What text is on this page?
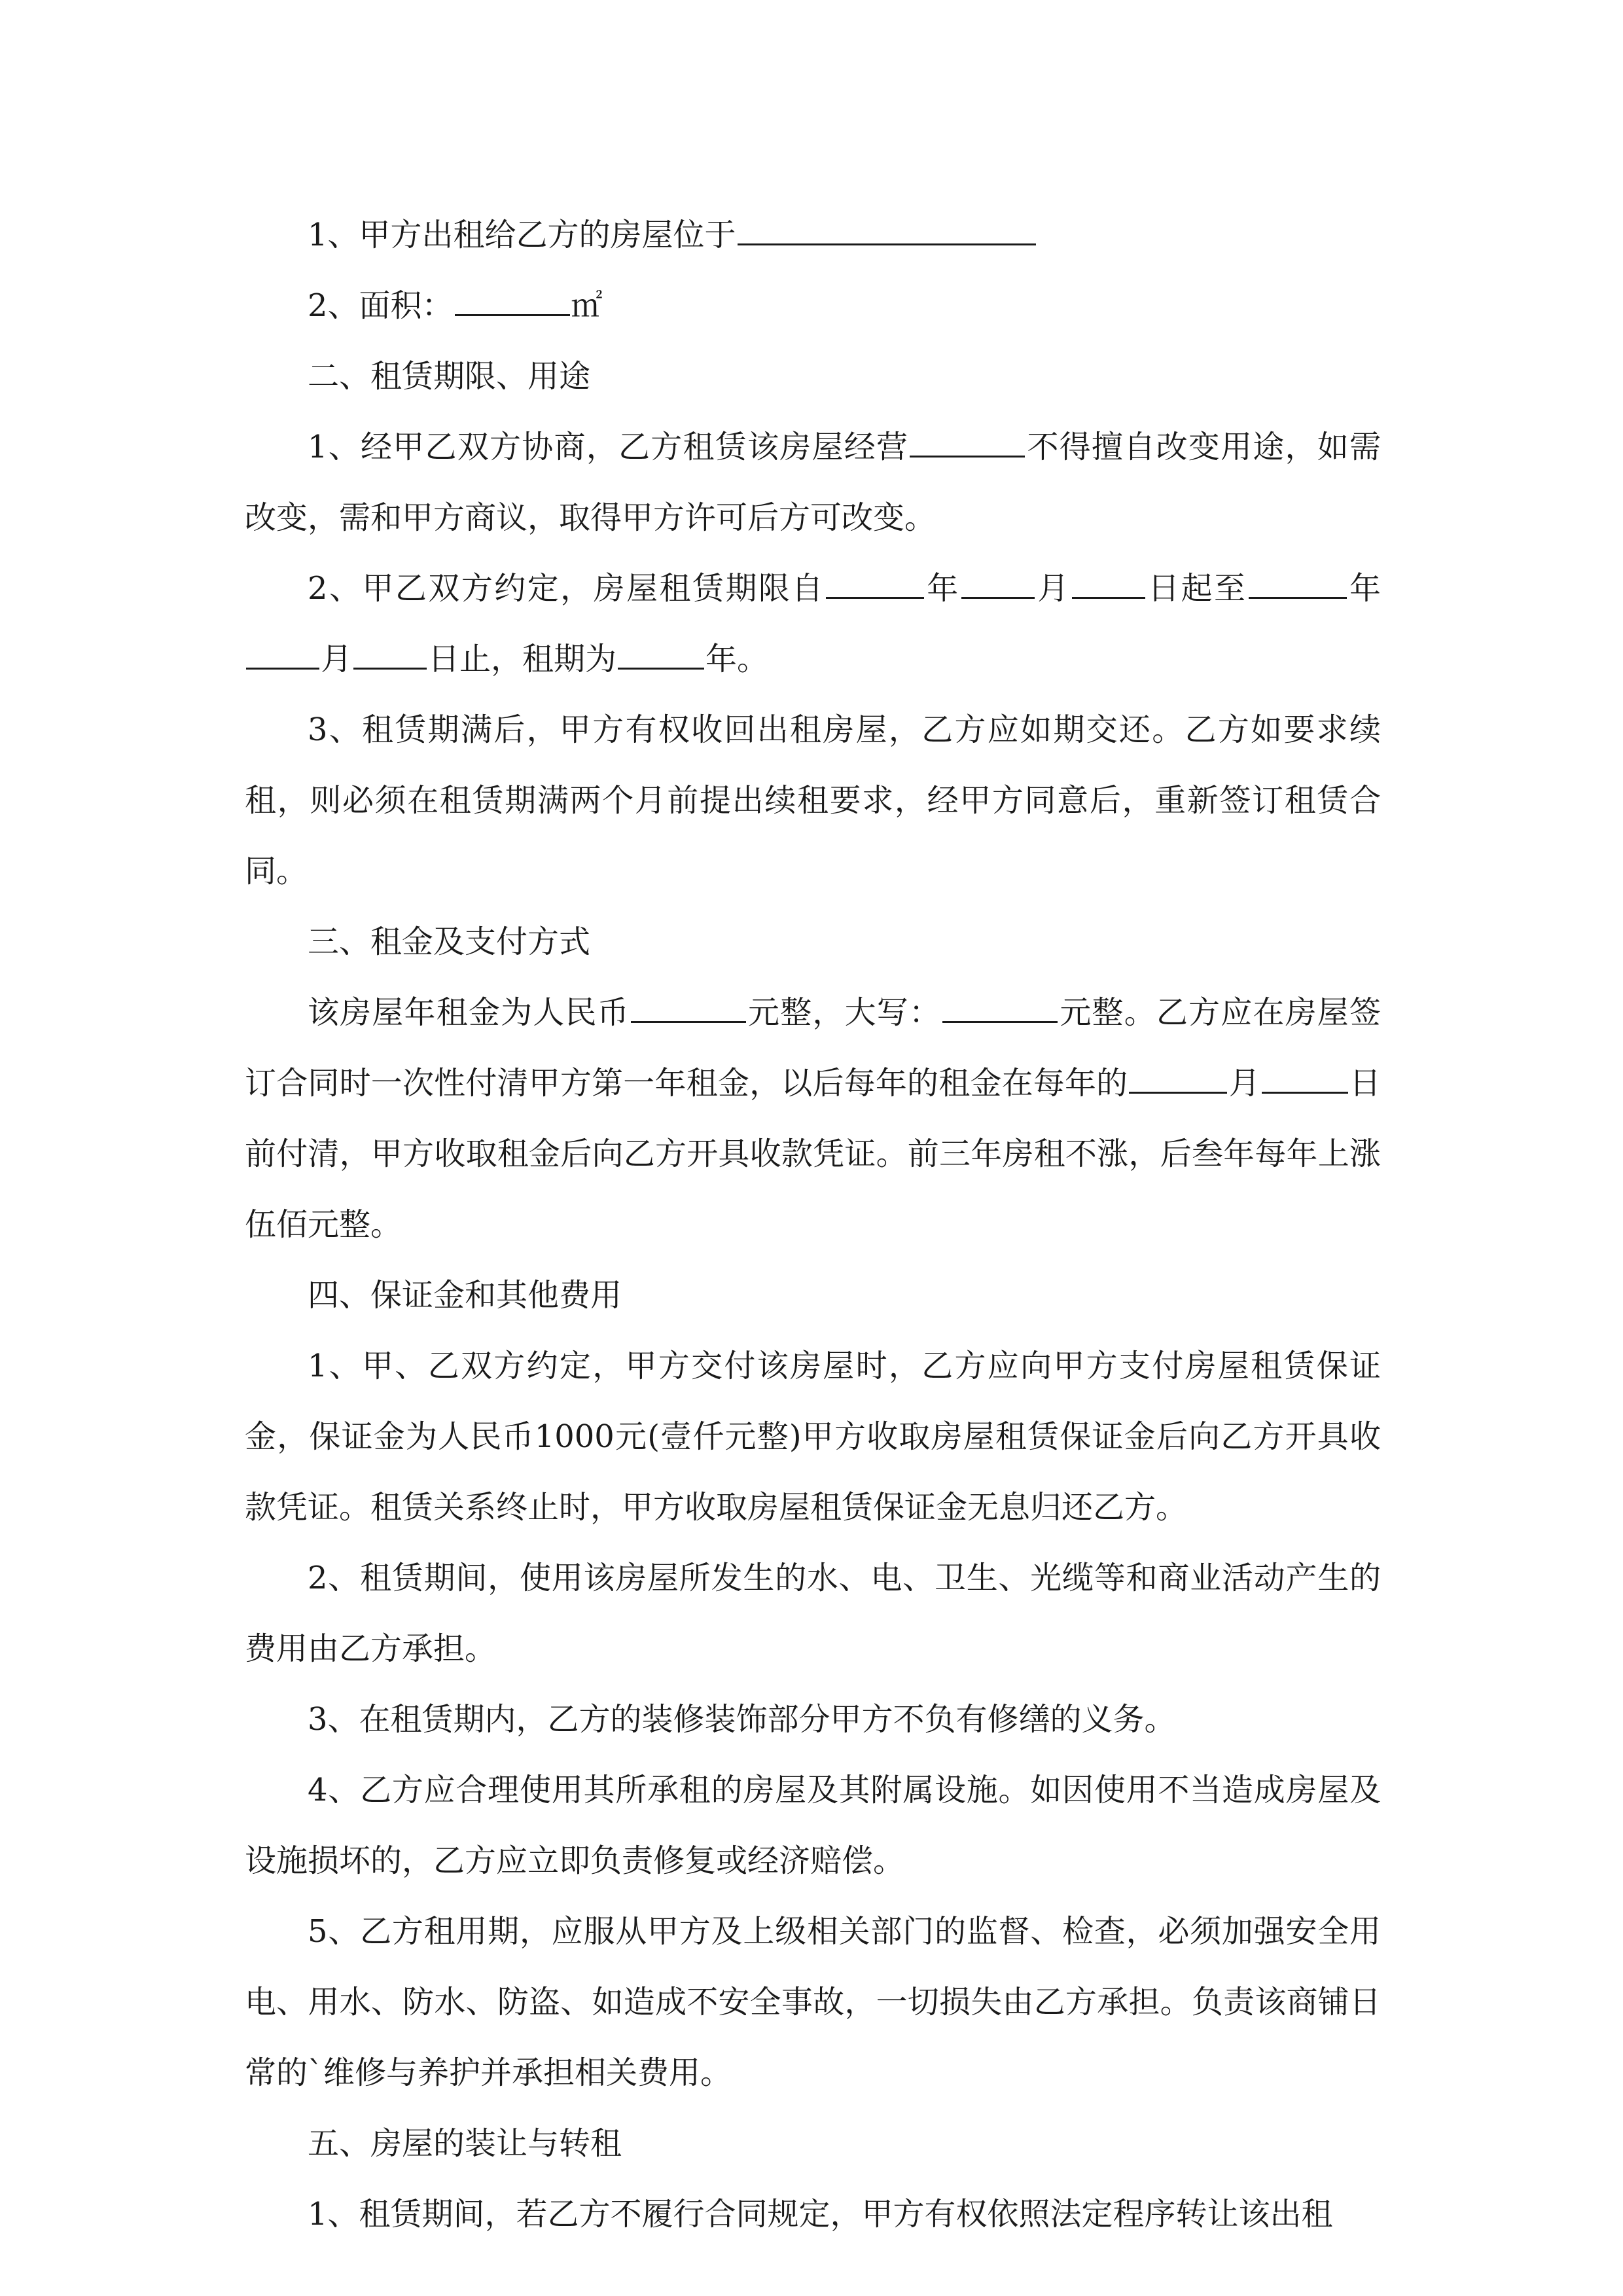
1、甲方出租给乙方的房屋位于

2、面积：	㎡

二、租赁期限、用途

1、经甲乙双方协商，乙方租赁该房屋经营	不得擅自改变用途，如需改变，需和甲方商议，取得甲方许可后方可改变。

2、甲乙双方约定，房屋租赁期限自	年 月 日起至	年月 日止，租期为	年。

3、租赁期满后，甲方有权收回出租房屋，乙方应如期交还。乙方如要求续租，则必须在租赁期满两个月前提出续租要求，经甲方同意后，重新签订租赁合同。

三、租金及支付方式

该房屋年租金为人民币	元整，大写：	元整。乙方应在房屋签订合同时一次性付清甲方第一年租金，以后每年的租金在每年的	月	日前付清，甲方收取租金后向乙方开具收款凭证。前三年房租不涨，后叁年每年上涨伍佰元整。

四、保证金和其他费用

1、甲、乙双方约定，甲方交付该房屋时，乙方应向甲方支付房屋租赁保证金，保证金为人民币1000元(壹仟元整)甲方收取房屋租赁保证金后向乙方开具收款凭证。租赁关系终止时，甲方收取房屋租赁保证金无息归还乙方。

2、租赁期间，使用该房屋所发生的水、电、卫生、光缆等和商业活动产生的费用由乙方承担。

3、在租赁期内，乙方的装修装饰部分甲方不负有修缮的义务。

4、乙方应合理使用其所承租的房屋及其附属设施。如因使用不当造成房屋及设施损坏的，乙方应立即负责修复或经济赔偿。

5、乙方租用期，应服从甲方及上级相关部门的监督、检查，必须加强安全用电、用水、防水、防盗、如造成不安全事故，一切损失由乙方承担。负责该商铺日常的`维修与养护并承担相关费用。

五、房屋的装让与转租

1、租赁期间，若乙方不履行合同规定，甲方有权依照法定程序转让该出租
